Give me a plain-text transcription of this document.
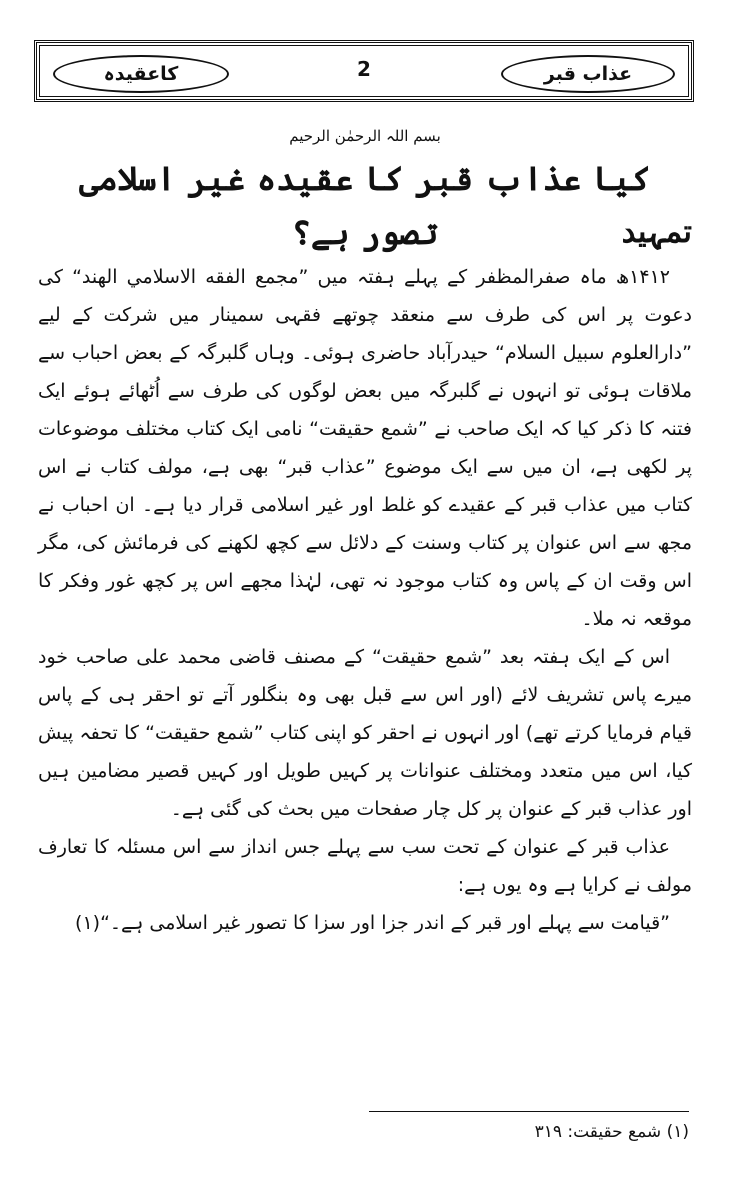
عذاب قبر
2
کاعقیدہ

بسم اللہ الرحمٰن الرحیم

کیا عذاب قبر کا عقیدہ غیر اسلامی تصور ہے؟	تمہید

۱۴۱۲ھ ماہ صفرالمظفر کے پہلے ہفتہ میں ”مجمع الفقه الاسلامي الهند“ کی دعوت پر اس کی طرف سے منعقد چوتھے فقہی سمینار میں شرکت کے لیے ”دارالعلوم سبیل السلام“ حیدرآباد حاضری ہوئی۔ وہاں گلبرگہ کے بعض احباب سے ملاقات ہوئی تو انہوں نے گلبرگہ میں بعض لوگوں کی طرف سے اُٹھائے ہوئے ایک فتنہ کا ذکر کیا کہ ایک صاحب نے ”شمع حقیقت“ نامی ایک کتاب مختلف موضوعات پر لکھی ہے، ان میں سے ایک موضوع ”عذاب قبر“ بھی ہے، مولف کتاب نے اس کتاب میں عذاب قبر کے عقیدے کو غلط اور غیر اسلامی قرار دیا ہے۔ ان احباب نے مجھ سے اس عنوان پر کتاب وسنت کے دلائل سے کچھ لکھنے کی فرمائش کی، مگر اس وقت ان کے پاس وہ کتاب موجود نہ تھی، لہٰذا مجھے اس پر کچھ غور وفکر کا موقعہ نہ ملا۔

اس کے ایک ہفتہ بعد ”شمع حقیقت“ کے مصنف قاضی محمد علی صاحب خود میرے پاس تشریف لائے (اور اس سے قبل بھی وہ بنگلور آتے تو احقر ہی کے پاس قیام فرمایا کرتے تھے) اور انہوں نے احقر کو اپنی کتاب ”شمع حقیقت“ کا تحفہ پیش کیا، اس میں متعدد ومختلف عنوانات پر کہیں طویل اور کہیں قصیر مضامین ہیں اور عذاب قبر کے عنوان پر کل چار صفحات میں بحث کی گئی ہے۔

عذاب قبر کے عنوان کے تحت سب سے پہلے جس انداز سے اس مسئلہ کا تعارف مولف نے کرایا ہے وہ یوں ہے:

”قیامت سے پہلے اور قبر کے اندر جزا اور سزا کا تصور غیر اسلامی ہے۔“(۱)

(۱) شمع حقیقت: ۳۱۹
